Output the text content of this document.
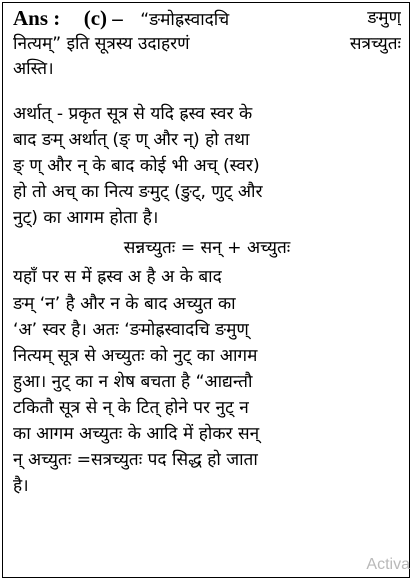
Ans : (c) – “ङमोह्रस्वादचि	ङमुण्
नित्यम्” इति सूत्रस्य उदाहरणं	सत्रच्युतः
अस्ति।
अर्थात् - प्रकृत सूत्र से यदि ह्रस्व स्वर के
बाद ङम् अर्थात् (ङ् ण् और न्) हो तथा
ङ् ण् और न् के बाद कोई भी अच् (स्वर)
हो तो अच् का नित्य ङमुट् (ङुट्, णुट् और
नुट्) का आगम होता है।
सन्नच्युतः = सन् + अच्युतः
यहाँ पर स में ह्रस्व अ है अ के बाद
ङम् ‘न’ है और न के बाद अच्युत का
‘अ’ स्वर है। अतः ‘ङमोह्रस्वादचि ङमुण्
नित्यम् सूत्र से अच्युतः को नुट् का आगम
हुआ। नुट् का न शेष बचता है “आद्यन्तौ
टकितौ सूत्र से न् के टित् होने पर नुट् न
का आगम अच्युतः के आदि में होकर सन्
न् अच्युतः =सत्रच्युतः पद सिद्ध हो जाता
है।
Activa
